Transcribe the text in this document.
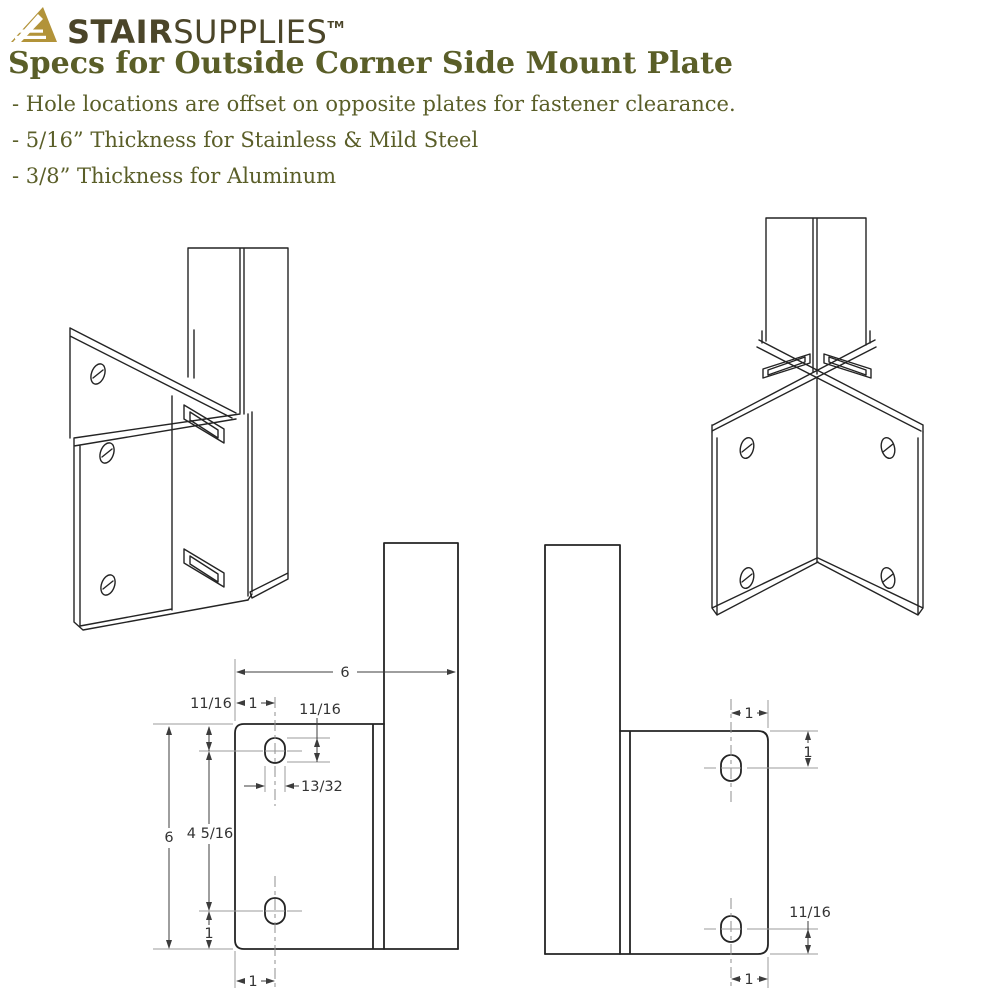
STAIRSUPPLIES™
Specs for Outside Corner Side Mount Plate
- Hole locations are offset on opposite plates for fastener clearance.
- 5/16” Thickness for Stainless & Mild Steel
- 3/8” Thickness for Aluminum
6
11/16 1	11/16
13/32
6 4 5/16
1
1
1
1
11/16
1
